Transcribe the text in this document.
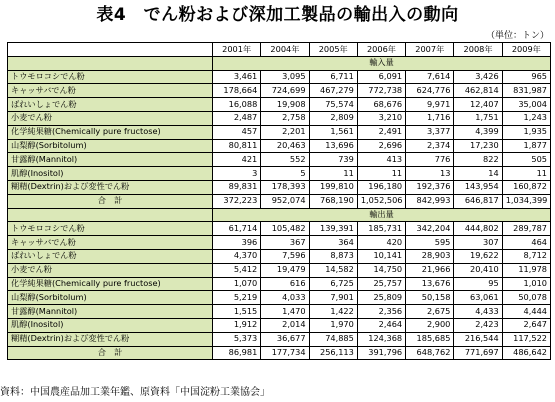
表4　でん粉および深加工製品の輸出入の動向
（単位：トン）
	2001年	2004年	2005年	2006年	2007年	2008年	2009年
	輸入量						
トウモロコシでん粉	3,461	3,095	6,711	6,091	7,614	3,426	965
キャッサバでん粉	178,664	724,699	467,279	772,738	624,776	462,814	831,987
ばれいしょでん粉	16,088	19,908	75,574	68,676	9,971	12,407	35,004
小麦でん粉	2,487	2,758	2,809	3,210	1,716	1,751	1,243
化学純果糖(Chemically pure fructose)	457	2,201	1,561	2,491	3,377	4,399	1,935
山梨醇(Sorbitolum)	80,811	20,463	13,696	2,696	2,374	17,230	1,877
甘露醇(Mannitol)	421	552	739	413	776	822	505
肌醇(Inositol)	3	5	11	11	13	14	11
糊精(Dextrin)および変性でん粉	89,831	178,393	199,810	196,180	192,376	143,954	160,872
合　計	372,223	952,074	768,190	1,052,506	842,993	646,817	1,034,399
	輸出量						
トウモロコシでん粉	61,714	105,482	139,391	185,731	342,204	444,802	289,787
キャッサバでん粉	396	367	364	420	595	307	464
ばれいしょでん粉	4,370	7,596	8,873	10,141	28,903	19,622	8,712
小麦でん粉	5,412	19,479	14,582	14,750	21,966	20,410	11,978
化学純果糖(Chemically pure fructose)	1,070	616	6,725	25,757	13,676	95	1,010
山梨醇(Sorbitolum)	5,219	4,033	7,901	25,809	50,158	63,061	50,078
甘露醇(Mannitol)	1,515	1,470	1,422	2,356	2,675	4,433	4,444
肌醇(Inositol)	1,912	2,014	1,970	2,464	2,900	2,423	2,647
糊精(Dextrin)および変性でん粉	5,373	36,677	74,885	124,368	185,685	216,544	117,522
合　計	86,981	177,734	256,113	391,796	648,762	771,697	486,642
資料：中国農産品加工業年鑑、原資料「中国淀粉工業協会」
